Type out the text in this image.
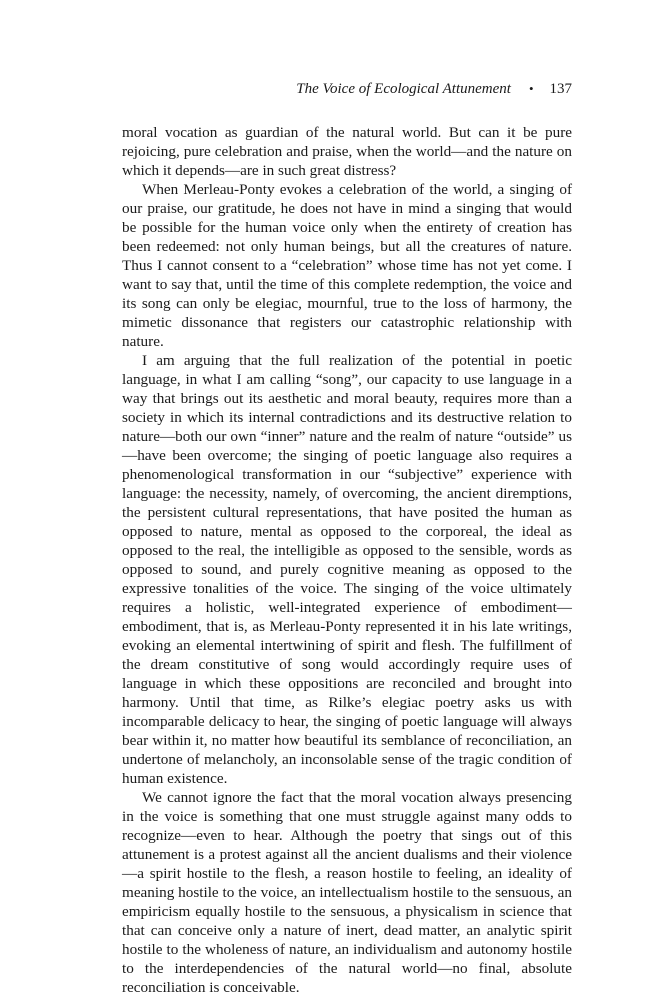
The Voice of Ecological Attunement • 137

moral vocation as guardian of the natural world. But can it be pure rejoicing, pure celebration and praise, when the world—and the nature on which it depends—are in such great distress?

When Merleau-Ponty evokes a celebration of the world, a singing of our praise, our gratitude, he does not have in mind a singing that would be possible for the human voice only when the entirety of creation has been redeemed: not only human beings, but all the creatures of nature. Thus I cannot consent to a “celebration” whose time has not yet come. I want to say that, until the time of this complete redemption, the voice and its song can only be elegiac, mournful, true to the loss of harmony, the mimetic dissonance that registers our catastrophic relationship with nature.

I am arguing that the full realization of the potential in poetic language, in what I am calling “song”, our capacity to use language in a way that brings out its aesthetic and moral beauty, requires more than a society in which its internal contradictions and its destructive relation to nature—both our own “inner” nature and the realm of nature “outside” us—have been overcome; the singing of poetic language also requires a phenomenological transformation in our “subjective” experience with language: the necessity, namely, of overcoming, the ancient diremptions, the persistent cultural representations, that have posited the human as opposed to nature, mental as opposed to the corporeal, the ideal as opposed to the real, the intelligible as opposed to the sensible, words as opposed to sound, and purely cognitive meaning as opposed to the expressive tonalities of the voice. The singing of the voice ultimately requires a holistic, well-integrated experience of embodiment—embodiment, that is, as Merleau-Ponty represented it in his late writings, evoking an elemental intertwining of spirit and flesh. The fulfillment of the dream constitutive of song would accordingly require uses of language in which these oppositions are reconciled and brought into harmony. Until that time, as Rilke’s elegiac poetry asks us with incomparable delicacy to hear, the singing of poetic language will always bear within it, no matter how beautiful its semblance of reconciliation, an undertone of melancholy, an inconsolable sense of the tragic condition of human existence.

We cannot ignore the fact that the moral vocation always presencing in the voice is something that one must struggle against many odds to recognize—even to hear. Although the poetry that sings out of this attunement is a protest against all the ancient dualisms and their violence—a spirit hostile to the flesh, a reason hostile to feeling, an ideality of meaning hostile to the voice, an intellectualism hostile to the sensuous, an empiricism equally hostile to the sensuous, a physicalism in science that that can conceive only a nature of inert, dead matter, an analytic spirit hostile to the wholeness of nature, an individualism and autonomy hostile to the interdependencies of the natural world—no final, absolute reconciliation is conceivable.
